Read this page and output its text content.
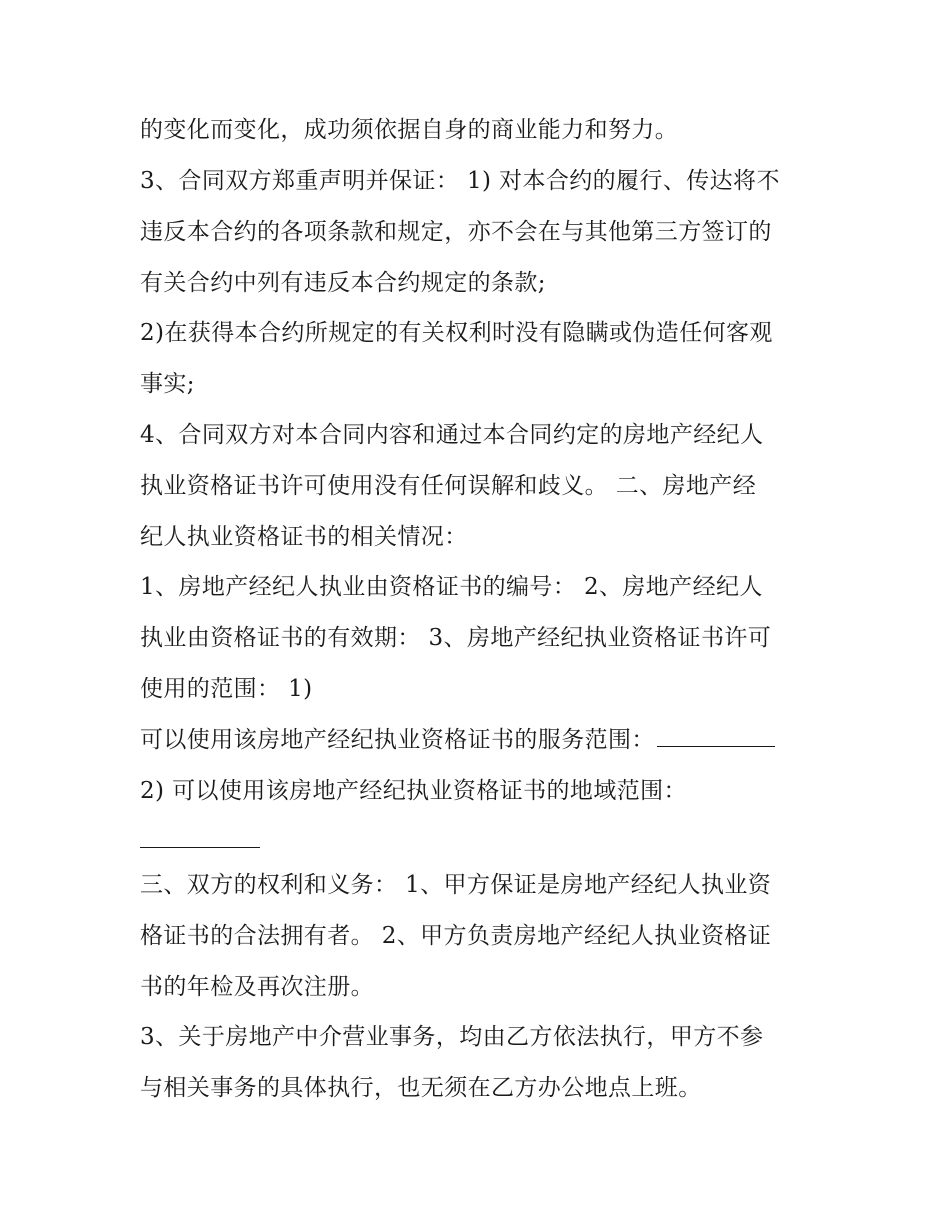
的变化而变化，成功须依据自身的商业能力和努力。
3、合同双方郑重声明并保证： 1) 对本合约的履行、传达将不
违反本合约的各项条款和规定，亦不会在与其他第三方签订的
有关合约中列有违反本合约规定的条款;
2)在获得本合约所规定的有关权利时没有隐瞒或伪造任何客观
事实;
4、合同双方对本合同内容和通过本合同约定的房地产经纪人
执业资格证书许可使用没有任何误解和歧义。 二、房地产经
纪人执业资格证书的相关情况：
1、房地产经纪人执业由资格证书的编号： 2、房地产经纪人
执业由资格证书的有效期： 3、房地产经纪执业资格证书许可
使用的范围： 1)
可以使用该房地产经纪执业资格证书的服务范围：
2) 可以使用该房地产经纪执业资格证书的地域范围：
三、双方的权利和义务： 1、甲方保证是房地产经纪人执业资
格证书的合法拥有者。 2、甲方负责房地产经纪人执业资格证
书的年检及再次注册。
3、关于房地产中介营业事务，均由乙方依法执行，甲方不参
与相关事务的具体执行，也无须在乙方办公地点上班。
